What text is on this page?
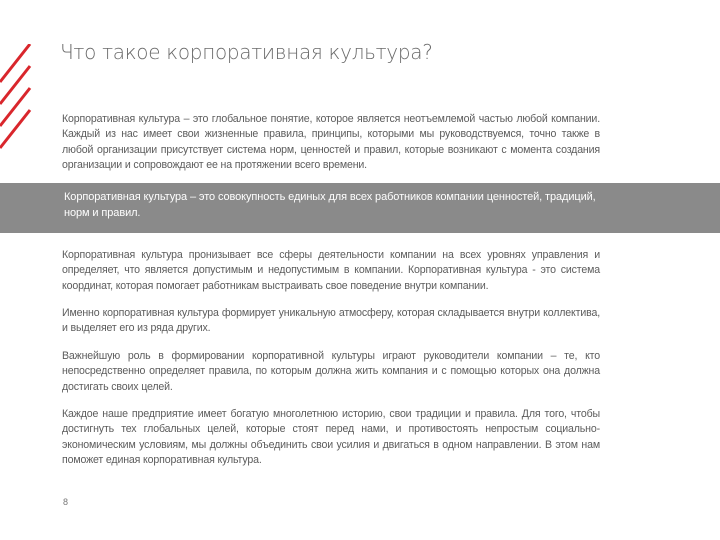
Что такое корпоративная культура?

Корпоративная культура – это глобальное понятие, которое является неотъемлемой частью любой компании. Каждый из нас имеет свои жизненные правила, принципы, которыми мы руководствуемся, точно также в любой организации присутствует система норм, ценностей и правил, которые возникают с момента создания организации и сопровождают ее на протяжении всего времени.

Корпоративная культура – это совокупность единых для всех работников компании ценностей, традиций, норм и правил.

Корпоративная культура пронизывает все сферы деятельности компании на всех уровнях управления и определяет, что является допустимым и недопустимым в компании. Корпоративная культура - это система координат, которая помогает работникам выстраивать свое поведение внутри компании.

Именно корпоративная культура формирует уникальную атмосферу, которая складывается внутри коллектива, и выделяет его из ряда других.

Важнейшую роль в формировании корпоративной культуры играют руководители компании – те, кто непосредственно определяет правила, по которым должна жить компания и с помощью которых она должна достигать своих целей.

Каждое наше предприятие имеет богатую многолетнюю историю, свои традиции и правила. Для того, чтобы достигнуть тех глобальных целей, которые стоят перед нами, и противостоять непростым социально-экономическим условиям, мы должны объединить свои усилия и двигаться в одном направлении. В этом нам поможет единая корпоративная культура.

8
